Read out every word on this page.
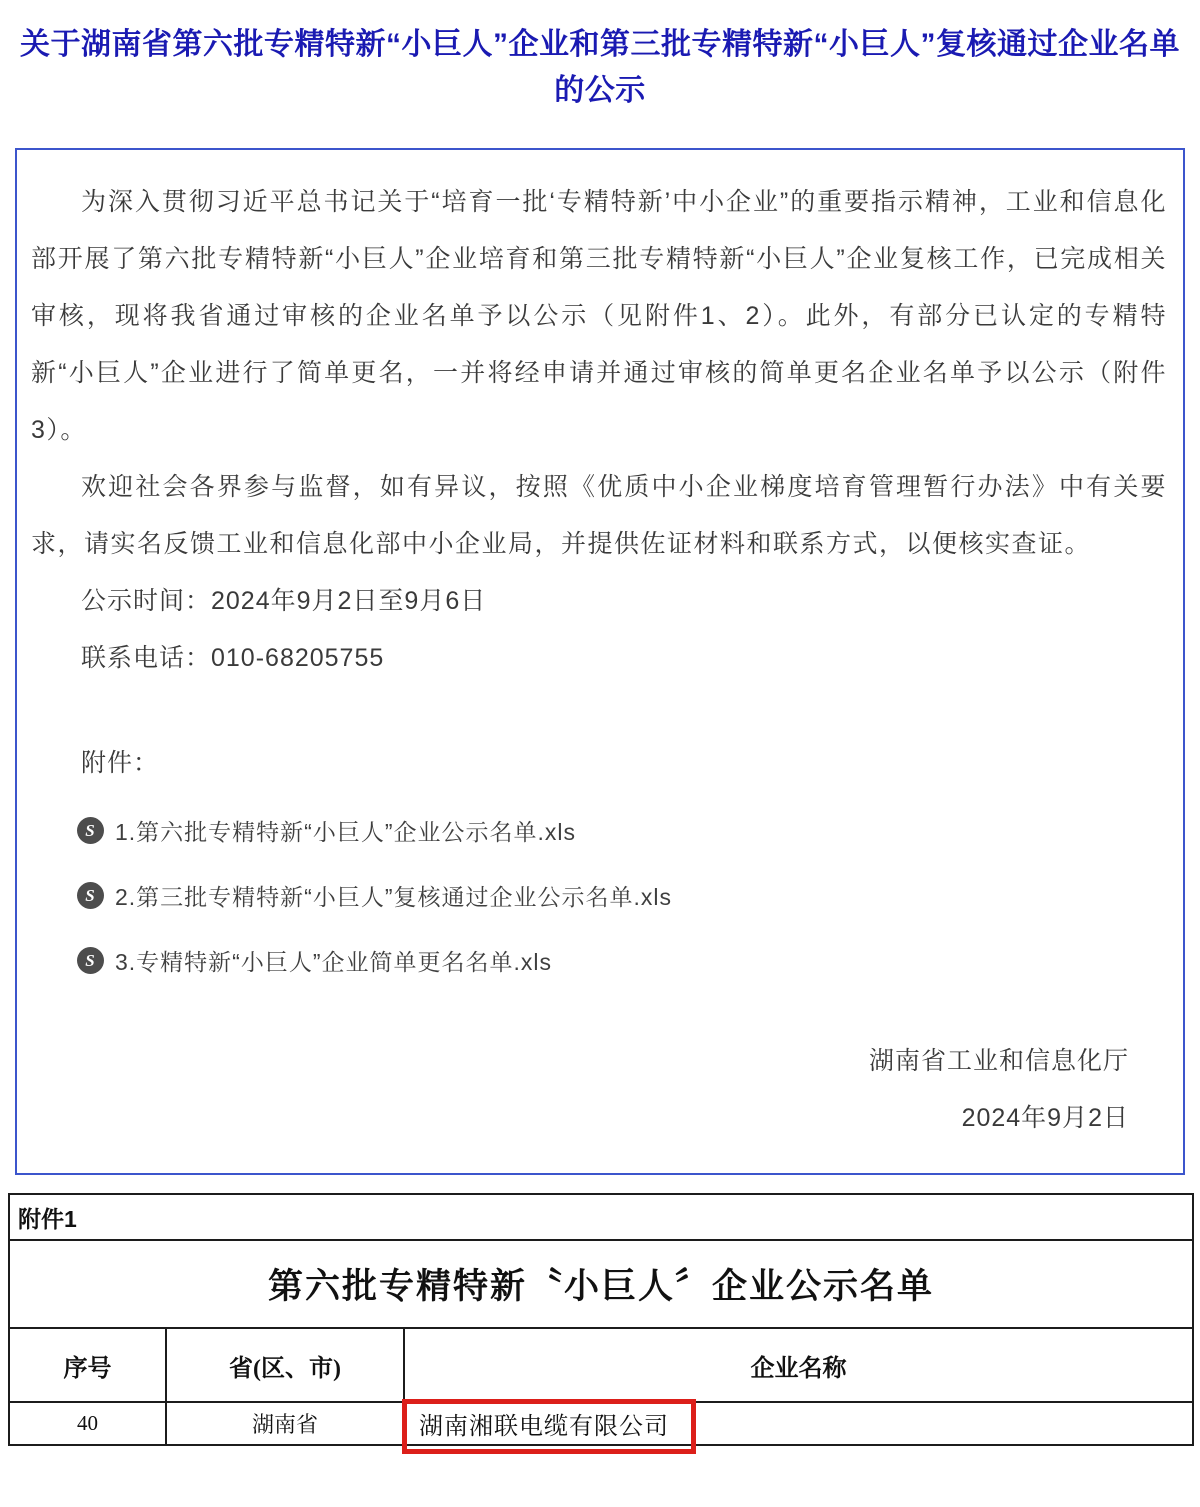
关于湖南省第六批专精特新“小巨人”企业和第三批专精特新“小巨人”复核通过企业名单
的公示

为深入贯彻习近平总书记关于“培育一批‘专精特新’中小企业”的重要指示精神，工业和信息化部开展了第六批专精特新“小巨人”企业培育和第三批专精特新“小巨人”企业复核工作，已完成相关审核，现将我省通过审核的企业名单予以公示（见附件1、2）。此外，有部分已认定的专精特新“小巨人”企业进行了简单更名，一并将经申请并通过审核的简单更名企业名单予以公示（附件3）。

欢迎社会各界参与监督，如有异议，按照《优质中小企业梯度培育管理暂行办法》中有关要求，请实名反馈工业和信息化部中小企业局，并提供佐证材料和联系方式，以便核实查证。

公示时间：2024年9月2日至9月6日
联系电话：010-68205755
附件：
S 1.第六批专精特新“小巨人”企业公示名单.xls
S 2.第三批专精特新“小巨人”复核通过企业公示名单.xls
S 3.专精特新“小巨人”企业简单更名名单.xls
湖南省工业和信息化厅
2024年9月2日
附件1		
第六批专精特新〝小巨人〞企业公示名单		
序号	省(区、市)	企业名称
40	湖南省	湖南湘联电缆有限公司
